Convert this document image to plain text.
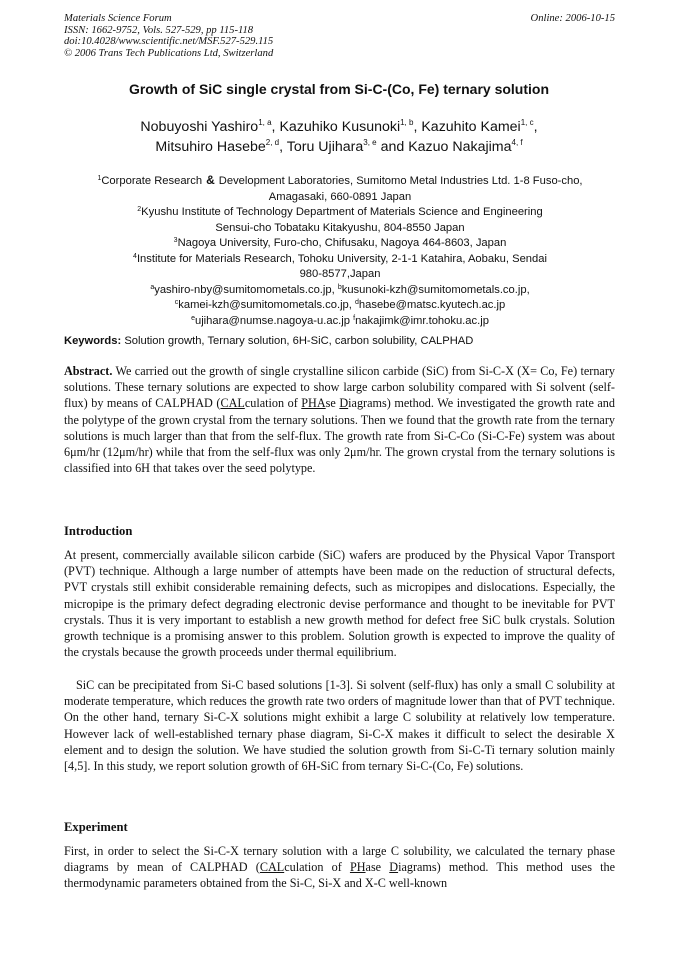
Materials Science Forum
ISSN: 1662-9752, Vols. 527-529, pp 115-118
doi:10.4028/www.scientific.net/MSF.527-529.115
© 2006 Trans Tech Publications Ltd, Switzerland
Online: 2006-10-15
Growth of SiC single crystal from Si-C-(Co, Fe) ternary solution
Nobuyoshi Yashiro$^{1, a}$, Kazuhiko Kusunoki$^{1, b}$, Kazuhito Kamei$^{1, c}$,
Mitsuhiro Hasebe$^{2, d}$, Toru Ujihara$^{3, e}$ and Kazuo Nakajima$^{4, f}$
$^1$Corporate Research & Development Laboratories, Sumitomo Metal Industries Ltd. 1-8 Fuso-cho,
Amagasaki, 660-0891 Japan
$^2$Kyushu Institute of Technology Department of Materials Science and Engineering
Sensui-cho Tobataku Kitakyushu, 804-8550 Japan
$^3$Nagoya University, Furo-cho, Chifusaku, Nagoya 464-8603, Japan
$^4$Institute for Materials Research, Tohoku University, 2-1-1 Katahira, Aobaku, Sendai
980-8577,Japan
$^a$yashiro-nby@sumitomometals.co.jp, $^b$kusunoki-kzh@sumitomometals.co.jp,
$^c$kamei-kzh@sumitomometals.co.jp, $^d$hasebe@matsc.kyutech.ac.jp
$^e$ujihara@numse.nagoya-u.ac.jp $^f$nakajimk@imr.tohoku.ac.jp
Keywords: Solution growth, Ternary solution, 6H-SiC, carbon solubility, CALPHAD

Abstract. We carried out the growth of single crystalline silicon carbide (SiC) from Si-C-X (X= Co, Fe) ternary solutions. These ternary solutions are expected to show large carbon solubility compared with Si solvent (self-flux) by means of CALPHAD (CALculation of PHAse Diagrams) method. We investigated the growth rate and the polytype of the grown crystal from the ternary solutions. Then we found that the growth rate from the ternary solutions is much larger than that from the self-flux. The growth rate from Si-C-Co (Si-C-Fe) system was about 6μm/hr (12μm/hr) while that from the self-flux was only 2μm/hr. The grown crystal from the ternary solutions is classified into 6H that takes over the seed polytype.

Introduction

At present, commercially available silicon carbide (SiC) wafers are produced by the Physical Vapor Transport (PVT) technique. Although a large number of attempts have been made on the reduction of structural defects, PVT crystals still exhibit considerable remaining defects, such as micropipes and dislocations. Especially, the micropipe is the primary defect degrading electronic devise performance and thought to be inevitable for PVT crystals. Thus it is very important to establish a new growth method for defect free SiC bulk crystals. Solution growth technique is a promising answer to this problem. Solution growth is expected to improve the quality of the crystals because the growth proceeds under thermal equilibrium.

SiC can be precipitated from Si-C based solutions [1-3]. Si solvent (self-flux) has only a small C solubility at moderate temperature, which reduces the growth rate two orders of magnitude lower than that of PVT technique. On the other hand, ternary Si-C-X solutions might exhibit a large C solubility at relatively low temperature. However lack of well-established ternary phase diagram, Si-C-X makes it difficult to select the desirable X element and to design the solution. We have studied the solution growth from Si-C-Ti ternary solution mainly [4,5]. In this study, we report solution growth of 6H-SiC from ternary Si-C-(Co, Fe) solutions.

Experiment

First, in order to select the Si-C-X ternary solution with a large C solubility, we calculated the ternary phase diagrams by mean of CALPHAD (CALculation of PHase Diagrams) method. This method uses the thermodynamic parameters obtained from the Si-C, Si-X and X-C well-known
